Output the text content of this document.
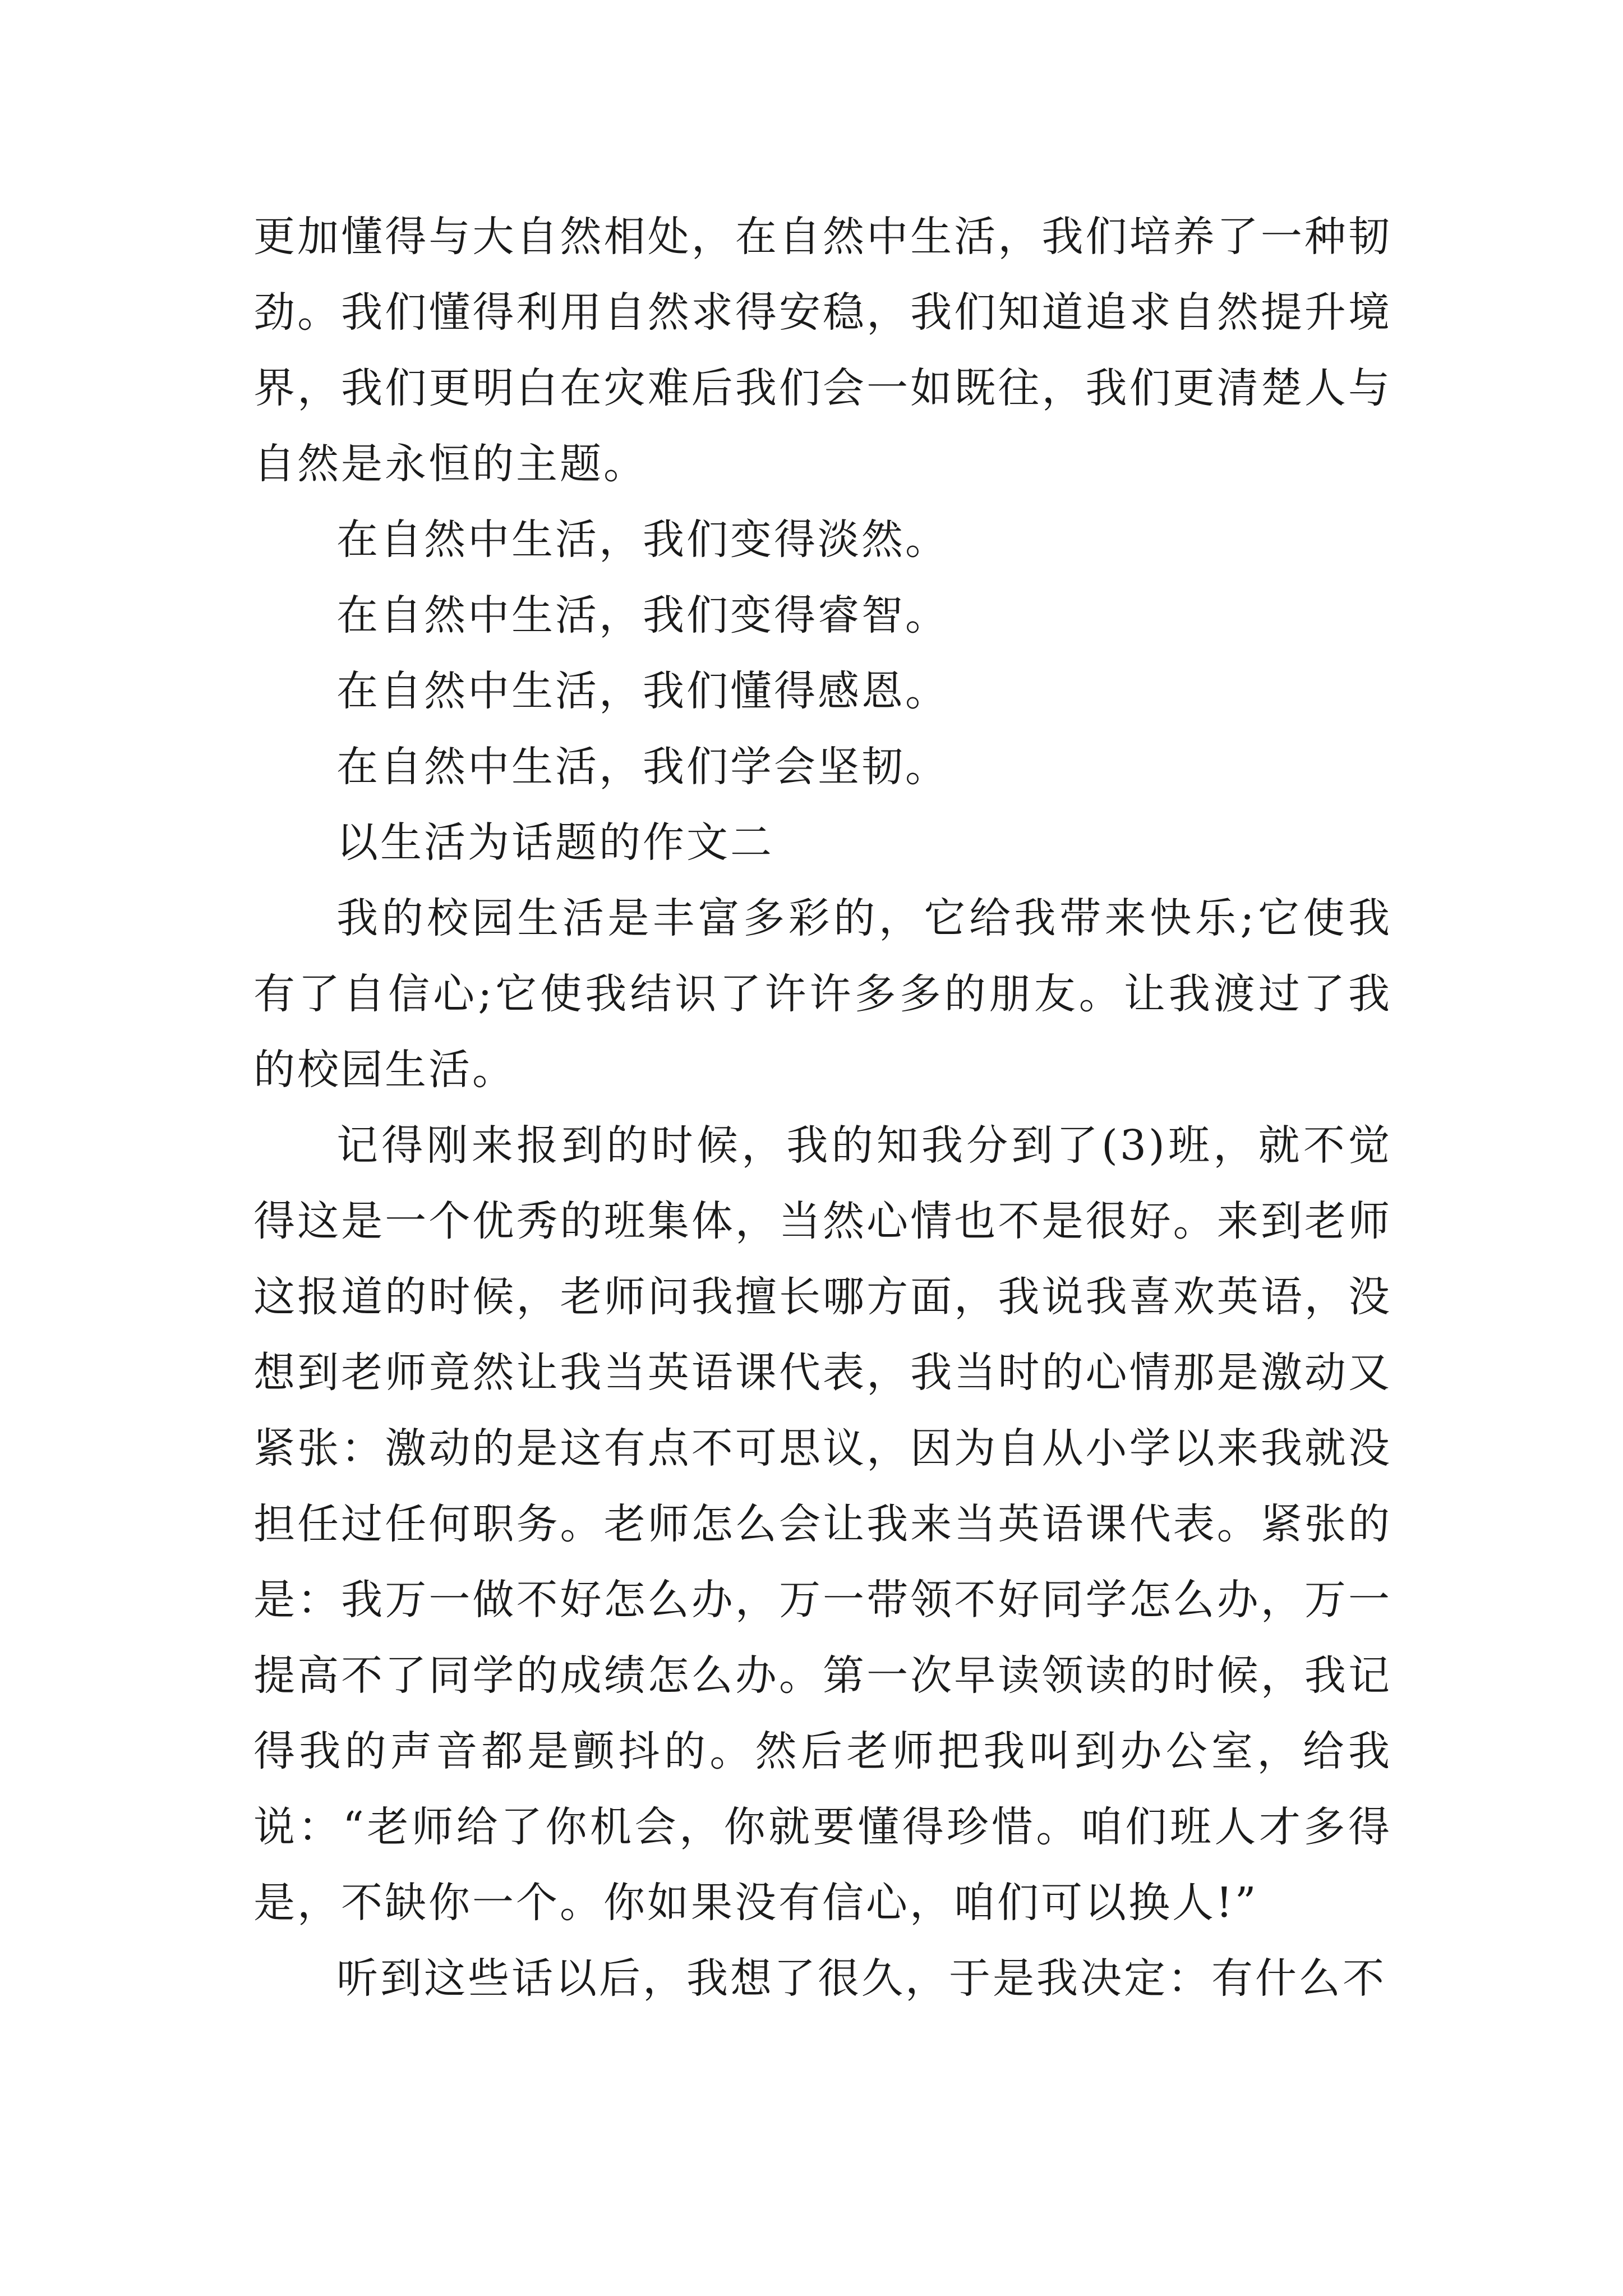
更加懂得与大自然相处，在自然中生活，我们培养了一种韧劲。我们懂得利用自然求得安稳，我们知道追求自然提升境界，我们更明白在灾难后我们会一如既往，我们更清楚人与自然是永恒的主题。

在自然中生活，我们变得淡然。

在自然中生活，我们变得睿智。

在自然中生活，我们懂得感恩。

在自然中生活，我们学会坚韧。

以生活为话题的作文二

我的校园生活是丰富多彩的，它给我带来快乐;它使我有了自信心;它使我结识了许许多多的朋友。让我渡过了我的校园生活。

记得刚来报到的时候，我的知我分到了(3)班，就不觉得这是一个优秀的班集体，当然心情也不是很好。来到老师这报道的时候，老师问我擅长哪方面，我说我喜欢英语，没想到老师竟然让我当英语课代表，我当时的心情那是激动又紧张：激动的是这有点不可思议，因为自从小学以来我就没担任过任何职务。老师怎么会让我来当英语课代表。紧张的是：我万一做不好怎么办，万一带领不好同学怎么办，万一提高不了同学的成绩怎么办。第一次早读领读的时候，我记得我的声音都是颤抖的。然后老师把我叫到办公室，给我说：“老师给了你机会，你就要懂得珍惜。咱们班人才多得是，不缺你一个。你如果没有信心，咱们可以换人!”

听到这些话以后，我想了很久，于是我决定：有什么不
